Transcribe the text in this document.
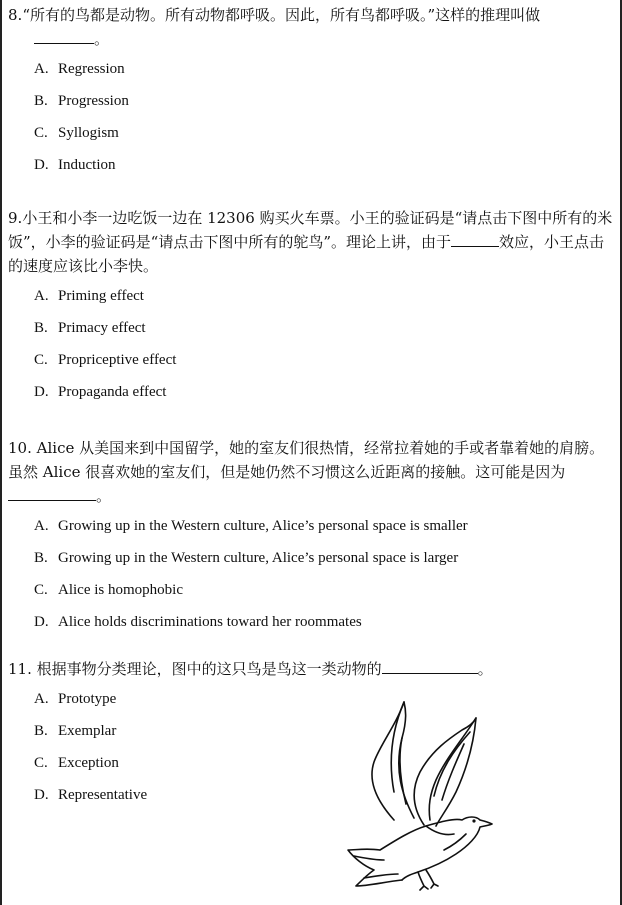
8.“所有的鸟都是动物。所有动物都呼吸。因此，所有鸟都呼吸。”这样的推理叫做
。

A. Regression
B. Progression
C. Syllogism
D. Induction

9.小王和小李一边吃饭一边在 12306 购买火车票。小王的验证码是“请点击下图中所有的米饭”，小李的验证码是“请点击下图中所有的鸵鸟”。理论上讲，由于	效应，小王点击的速度应该比小李快。

A. Priming effect
B. Primacy effect
C. Propriceptive effect
D. Propaganda effect

10. Alice 从美国来到中国留学，她的室友们很热情，经常拉着她的手或者靠着她的肩膀。虽然 Alice 很喜欢她的室友们，但是她仍然不习惯这么近距离的接触。这可能是因为。

A. Growing up in the Western culture, Alice’s personal space is smaller
B. Growing up in the Western culture, Alice’s personal space is larger
C. Alice is homophobic
D. Alice holds discriminations toward her roommates

11. 根据事物分类理论，图中的这只鸟是鸟这一类动物的	。

A. Prototype
B. Exemplar
C. Exception
D. Representative
